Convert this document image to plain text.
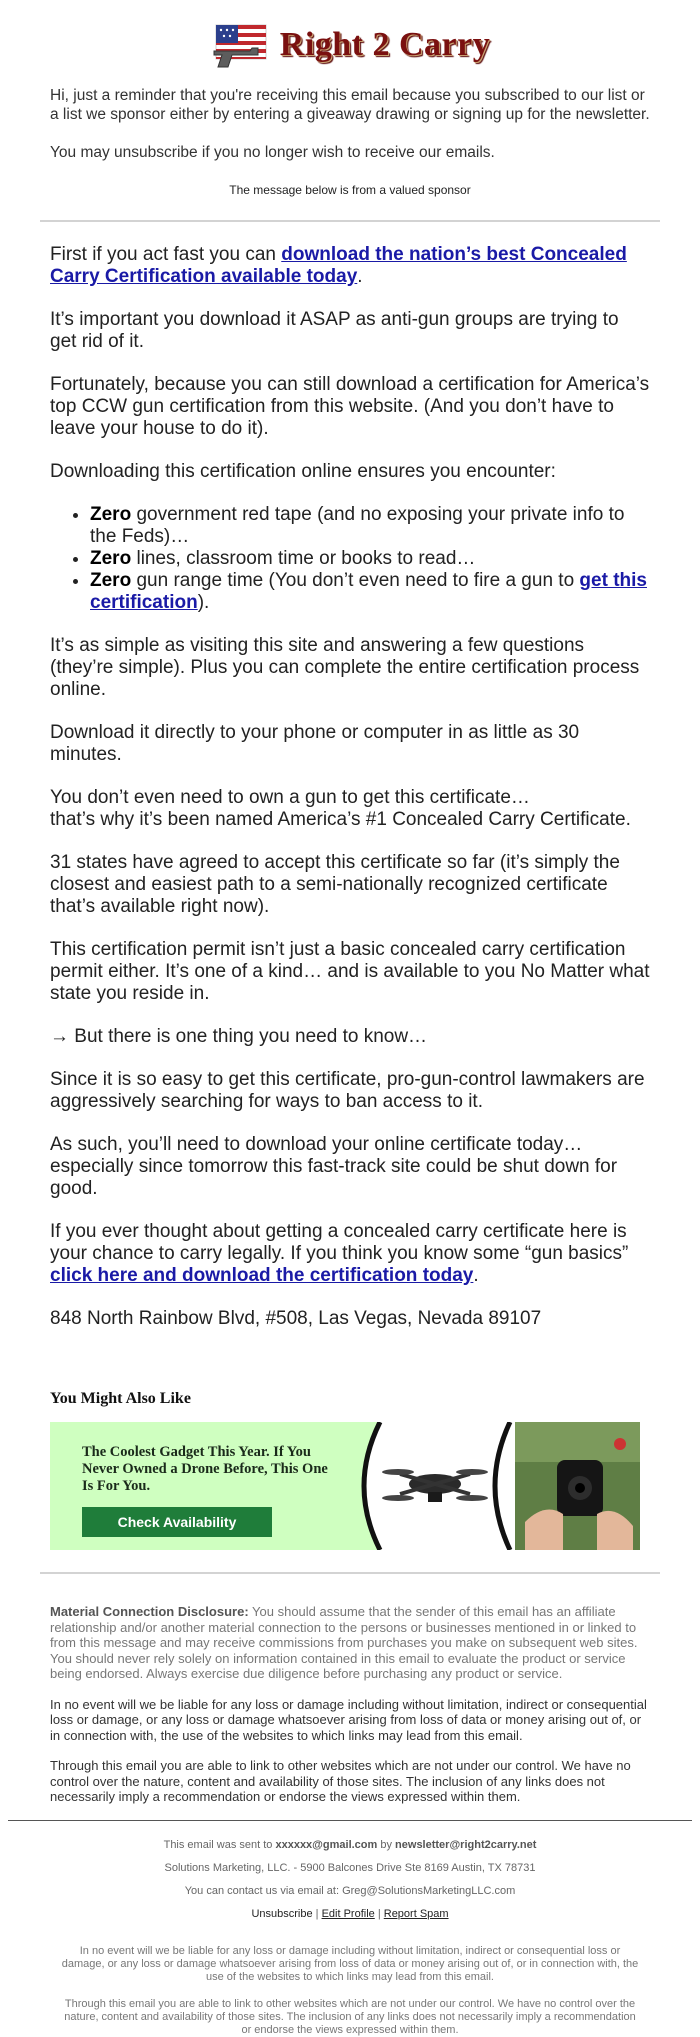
Right 2 Carry

Hi, just a reminder that you're receiving this email because you subscribed to our list or a list we sponsor either by entering a giveaway drawing or signing up for the newsletter.

You may unsubscribe if you no longer wish to receive our emails.

The message below is from a valued sponsor

First if you act fast you can download the nation’s best Concealed Carry Certification available today.

It’s important you download it ASAP as anti-gun groups are trying to get rid of it.

Fortunately, because you can still download a certification for America’s top CCW gun certification from this website. (And you don’t have to leave your house to do it).

Downloading this certification online ensures you encounter:

• Zero government red tape (and no exposing your private info to the Feds)…
• Zero lines, classroom time or books to read…
• Zero gun range time (You don’t even need to fire a gun to get this certification).

It’s as simple as visiting this site and answering a few questions (they’re simple). Plus you can complete the entire certification process online.

Download it directly to your phone or computer in as little as 30 minutes.

You don’t even need to own a gun to get this certificate…
that’s why it’s been named America’s #1 Concealed Carry Certificate.

31 states have agreed to accept this certificate so far (it’s simply the closest and easiest path to a semi-nationally recognized certificate that’s available right now).

This certification permit isn’t just a basic concealed carry certification permit either. It’s one of a kind… and is available to you No Matter what state you reside in.

→ But there is one thing you need to know…

Since it is so easy to get this certificate, pro-gun-control lawmakers are aggressively searching for ways to ban access to it.

As such, you’ll need to download your online certificate today… especially since tomorrow this fast-track site could be shut down for good.

If you ever thought about getting a concealed carry certificate here is your chance to carry legally. If you think you know some “gun basics” click here and download the certification today.

848 North Rainbow Blvd, #508, Las Vegas, Nevada 89107

You Might Also Like
The Coolest Gadget This Year. If You Never Owned a Drone Before, This One Is For You.
Check Availability

Material Connection Disclosure: You should assume that the sender of this email has an affiliate relationship and/or another material connection to the persons or businesses mentioned in or linked to from this message and may receive commissions from purchases you make on subsequent web sites. You should never rely solely on information contained in this email to evaluate the product or service being endorsed. Always exercise due diligence before purchasing any product or service.

In no event will we be liable for any loss or damage including without limitation, indirect or consequential loss or damage, or any loss or damage whatsoever arising from loss of data or money arising out of, or in connection with, the use of the websites to which links may lead from this email.

Through this email you are able to link to other websites which are not under our control. We have no control over the nature, content and availability of those sites. The inclusion of any links does not necessarily imply a recommendation or endorse the views expressed within them.

This email was sent to xxxxxx@gmail.com by newsletter@right2carry.net
Solutions Marketing, LLC. - 5900 Balcones Drive Ste 8169 Austin, TX 78731
You can contact us via email at: Greg@SolutionsMarketingLLC.com
Unsubscribe | Edit Profile | Report Spam
In no event will we be liable for any loss or damage including without limitation, indirect or consequential loss or damage, or any loss or damage whatsoever arising from loss of data or money arising out of, or in connection with, the use of the websites to which links may lead from this email.
Through this email you are able to link to other websites which are not under our control. We have no control over the nature, content and availability of those sites. The inclusion of any links does not necessarily imply a recommendation or endorse the views expressed within them.
